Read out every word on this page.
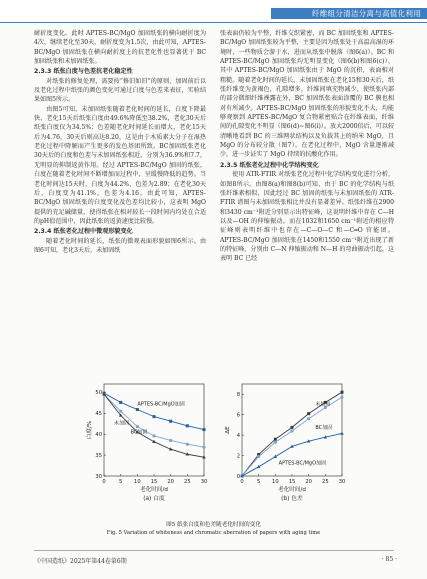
纤维组分清洁分离与高值化利用

耐折度变化。此时 APTES-BC/MgO 加固纸张的横向耐折度为4次，继续老化至30天，耐折度变为1.5次，由此可知，APTES-BC/MgO 加固纸张在横向耐折度上的抗老化性也显著优于 BC 加固纸张和未加固纸张。

2.3.3 纸张白度与色差抗老化稳定性

对纸张的修复处理，需要按“修旧如旧”的原则，加固前后以及老化过程中纸张的颜色变化可通过白度与色差来表征，实验结果如图5所示。

由图5可知，未加固纸张随着老化时间的延长，白度下降最快，老化15天后纸张白度由49.6%降低至38.2%，老化30天后纸张白度仅为34.5%；色差随老化时间延长而增大，老化15天后为4.76，30天后则高达8.20，这是由于木质素大分子在湿热老化过程中降解而产生更多的发色基团所致。BC加固纸张老化30天后的白度和色差与未加固纸张相近，分别为36.9%和7.7，无明显的抑制返黄作用。经过 APTES-BC/MgO 加固的纸张，白度在随着老化时间不断增加而过程中，呈缓慢降低的趋势。当老化时间达15天时，白度为44.2%，色差为2.89；在老化30天后，白度变为41.1%，色差为4.16。由此可知，APTES-BC/MgO 加固纸张的白度变化及色差均比较小，这表明 MgO 提供的充足碱储量，使得纸张在相对较长一段时间内均处在合适的pH值范围中，因此纸张的返黄速度比较慢。

2.3.4 纸张老化过程中微观形貌变化

随着老化时间的延长，纸张的微观表面形貌如图6所示。由图6可知，老化3天后，未加固纸

张表面仍较为平整，纤维交织紧密，而 BC 加固纸张和 APTES-BC/MgO 加固纸张较为平整，主要是因为纸张处于高温高湿的环境时，一些物质会游于水，进而从纸张中脱落（图6(a)）。BC 和 APTES-BC/MgO 加固纸张均无明显变化（图6(b)和图6(c)），其中 APTES-BC/MgO 加固纸张由于 MgO 的沉积，表面相对粗糙。随着老化时间的延长，未加固纸张在老化15和30天后，纸张纤维变为黄褐色，孔隙增多，纤维间填充物减少，使纸张内部的部分微细纤维裸露在外，BC 加固纸张表面涂覆的 BC 膜也相对有所减少。APTES-BC/MgO 加固纸张的形貌变化不大，均能够观察到 APTES-BC/MgO 复合物紧密贴合在纤维表面，纤维间的孔隙变化不明显（图6(d)~图6(i)）。放大2000倍后，可以较清晰地看到 BC 的三维网状结构以及负载其上的纳米 MgO，且 MgO 的分布较分散（图7）。在老化过程中，MgO 含量逐渐减少，进一步证实了 MgO 持续的抗酸化作用。

2.3.5 纸张老化过程中化学结构变化

使用 ATR-FTIR 对纸张老化过程中化学结构变化进行分析，如图8所示。由图8(a)和图8(b)可知，由于 BC 的化学结构与纸张纤维素相似，因此经过 BC 加固的纸张与未加固纸张的 ATR-FTIR 谱图与未加固纸张相比并没有显著差异。纸张纤维在2900和3430 cm⁻¹附近分别显示出特征峰，这说明纤维中存在 C—H 以及—OH 的伸缩振动。而在1032和1650 cm⁻¹附近的相应特征峰则表明纤维中也存在—C—O—C 和—C═O 官能团。APTES-BC/MgO 加固纸张在1450和1550 cm⁻¹附近出现了新的特征峰，分别由 C—N 伸缩振动和 N—H 的弯曲振动引起，这表明 BC 已经

0	5 10 15 20 25 30
30
35
40
45
50
老化时间/d
白度/%
(a) 白度
APTES-BC/MgO加固
BC加固
未加固
0	5 10 15 20 25 30
0
2
4
6
8
老化时间/d
ΔE
(b) 色差
未加固
BC加固
APTES-BC/MgO加固
图5 纸张白度和色差随老化时间的变化
Fig. 5 Variation of whiteness and chromatic aberration of papers with aging time
《中国造纸》2025年第44卷第6期	· 85 ·
